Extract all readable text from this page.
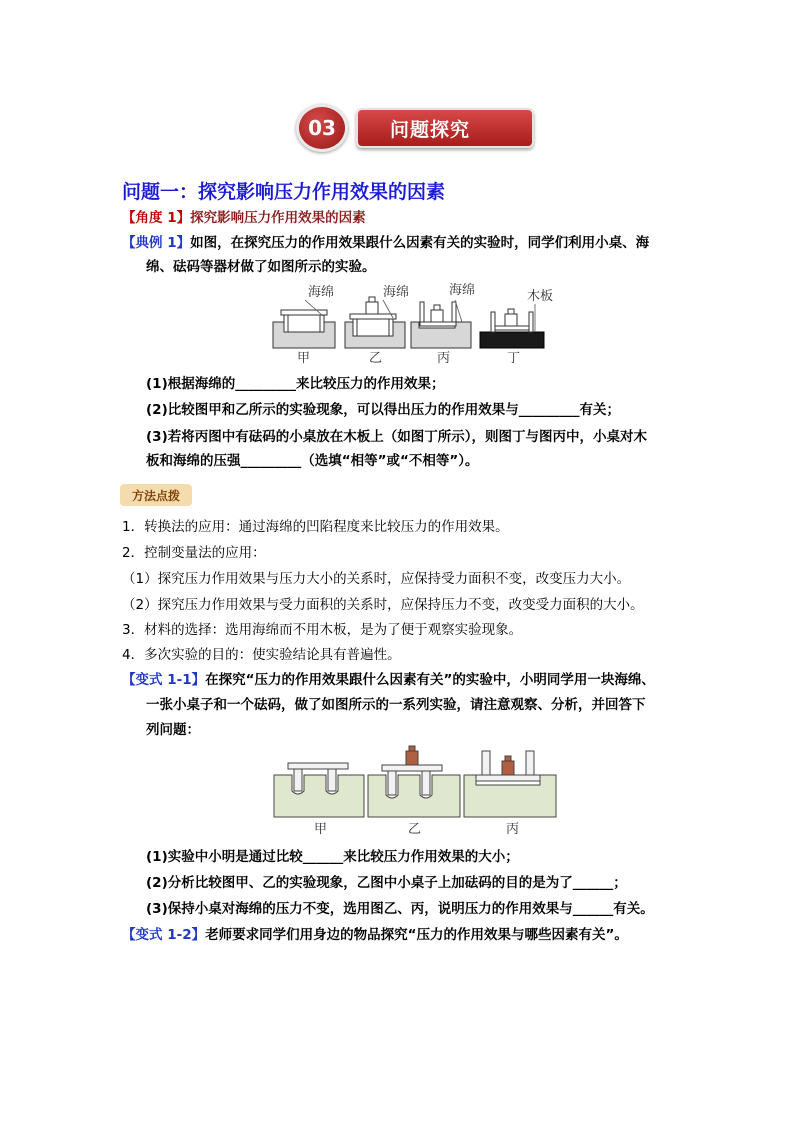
03	问题探究
问题一：探究影响压力作用效果的因素
【角度 1】探究影响压力作用效果的因素
【典例 1】如图，在探究压力的作用效果跟什么因素有关的实验时，同学们利用小桌、海
绵、砝码等器材做了如图所示的实验。
海绵
甲
海绵
乙
海绵
丙
木板
丁
(1)根据海绵的_________来比较压力的作用效果；
(2)比较图甲和乙所示的实验现象，可以得出压力的作用效果与_________有关；
(3)若将丙图中有砝码的小桌放在木板上（如图丁所示），则图丁与图丙中，小桌对木
板和海绵的压强_________（选填“相等”或“不相等”）。
方法点拨
1．转换法的应用：通过海绵的凹陷程度来比较压力的作用效果。
2．控制变量法的应用：
（1）探究压力作用效果与压力大小的关系时，应保持受力面积不变，改变压力大小。
（2）探究压力作用效果与受力面积的关系时，应保持压力不变，改变受力面积的大小。
3．材料的选择：选用海绵而不用木板，是为了便于观察实验现象。
4．多次实验的目的：使实验结论具有普遍性。
【变式 1-1】在探究“压力的作用效果跟什么因素有关”的实验中，小明同学用一块海绵、
一张小桌子和一个砝码，做了如图所示的一系列实验，请注意观察、分析，并回答下
列问题：
甲	乙	丙
(1)实验中小明是通过比较______来比较压力作用效果的大小；
(2)分析比较图甲、乙的实验现象，乙图中小桌子上加砝码的目的是为了______；
(3)保持小桌对海绵的压力不变，选用图乙、丙，说明压力的作用效果与______有关。
【变式 1-2】老师要求同学们用身边的物品探究“压力的作用效果与哪些因素有关”。
